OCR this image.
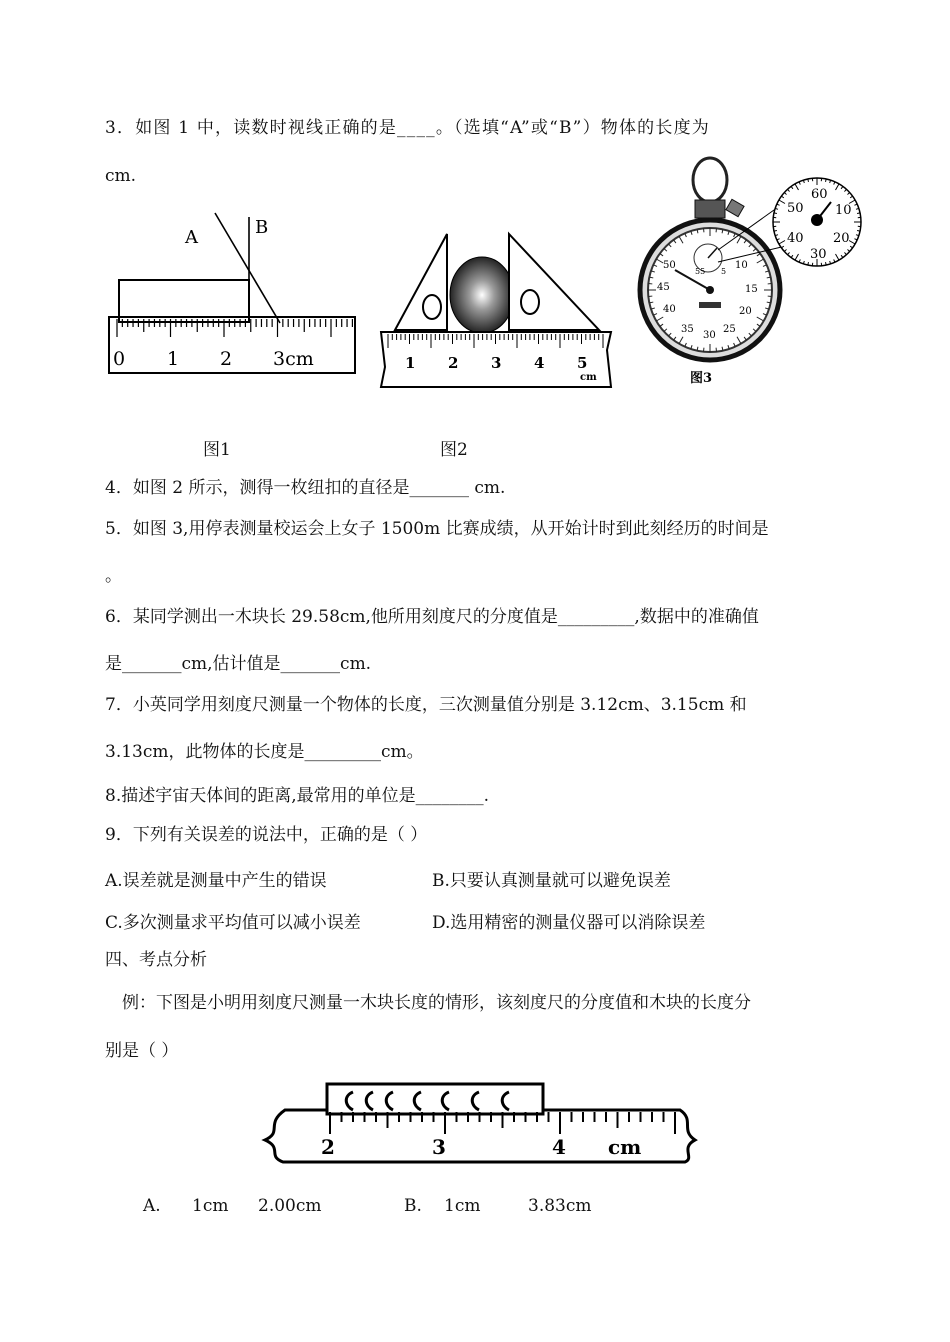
3．如图 1 中，读数时视线正确的是____。（选填“A”或“B”）物体的长度为
cm.
A	B
0 1 2 3cm	1 2 3 4 5
cm
55 5
50	10
45	15
40	20
35
30
25
60
10
50
20
40
30
图3
图1	图2
4．如图 2 所示，测得一枚纽扣的直径是_______ cm.
5．如图 3,用停表测量校运会上女子 1500m 比赛成绩，从开始计时到此刻经历的时间是
。
6．某同学测出一木块长 29.58cm,他所用刻度尺的分度值是_________,数据中的准确值
是_______cm,估计值是_______cm.
7．小英同学用刻度尺测量一个物体的长度，三次测量值分别是 3.12cm、3.15cm 和
3.13cm，此物体的长度是_________cm。
8.描述宇宙天体间的距离,最常用的单位是________.
9．下列有关误差的说法中，正确的是（ ）
A.误差就是测量中产生的错误	B.只要认真测量就可以避免误差
C.多次测量求平均值可以减小误差	D.选用精密的测量仪器可以消除误差
四、考点分析
例：下图是小明用刻度尺测量一木块长度的情形，该刻度尺的分度值和木块的长度分
别是（ ）
2	3	4 cm
A. 1cm 2.00cm	B. 1cm	3.83cm
